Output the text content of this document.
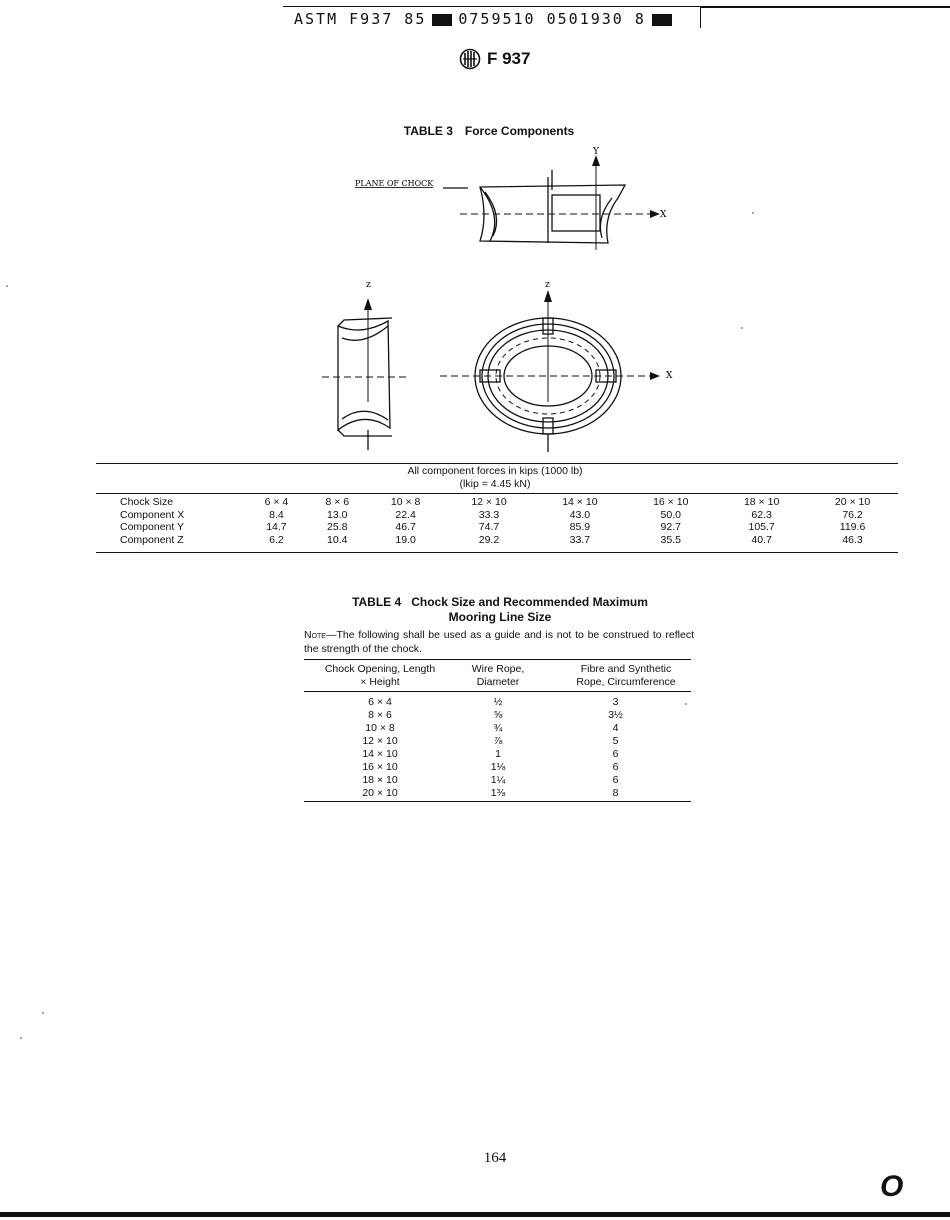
ASTM F937 85 0759510 0501930 8
F 937
TABLE 3 Force Components
PLANE OF CHOCK
X
Y
z	z
X
All component forces in kips (1000 lb)
(lkip = 4.45 kN)
Chock Size	6 × 4	8 × 6	10 × 8	12 × 10	14 × 10	16 × 10	18 × 10	20 × 10
Component X	8.4	13.0	22.4	33.3	43.0	50.0	62.3	76.2
Component Y	14.7	25.8	46.7	74.7	85.9	92.7	105.7	119.6
Component Z	6.2	10.4	19.0	29.2	33.7	35.5	40.7	46.3
TABLE 4 Chock Size and Recommended Maximum
Mooring Line Size
Note—The following shall be used as a guide and is not to be construed to reflect the strength of the chock.
Chock Opening, Length
× Height
Wire Rope,
Diameter
Fibre and Synthetic
Rope, Circumference
6 × 4	½	3
8 × 6	⅝	3½
10 × 8	¾	4
12 × 10	⅞	5
14 × 10	1	6
16 × 10	1⅛	6
18 × 10	1¼	6
20 × 10	1⅜	8
164
O
